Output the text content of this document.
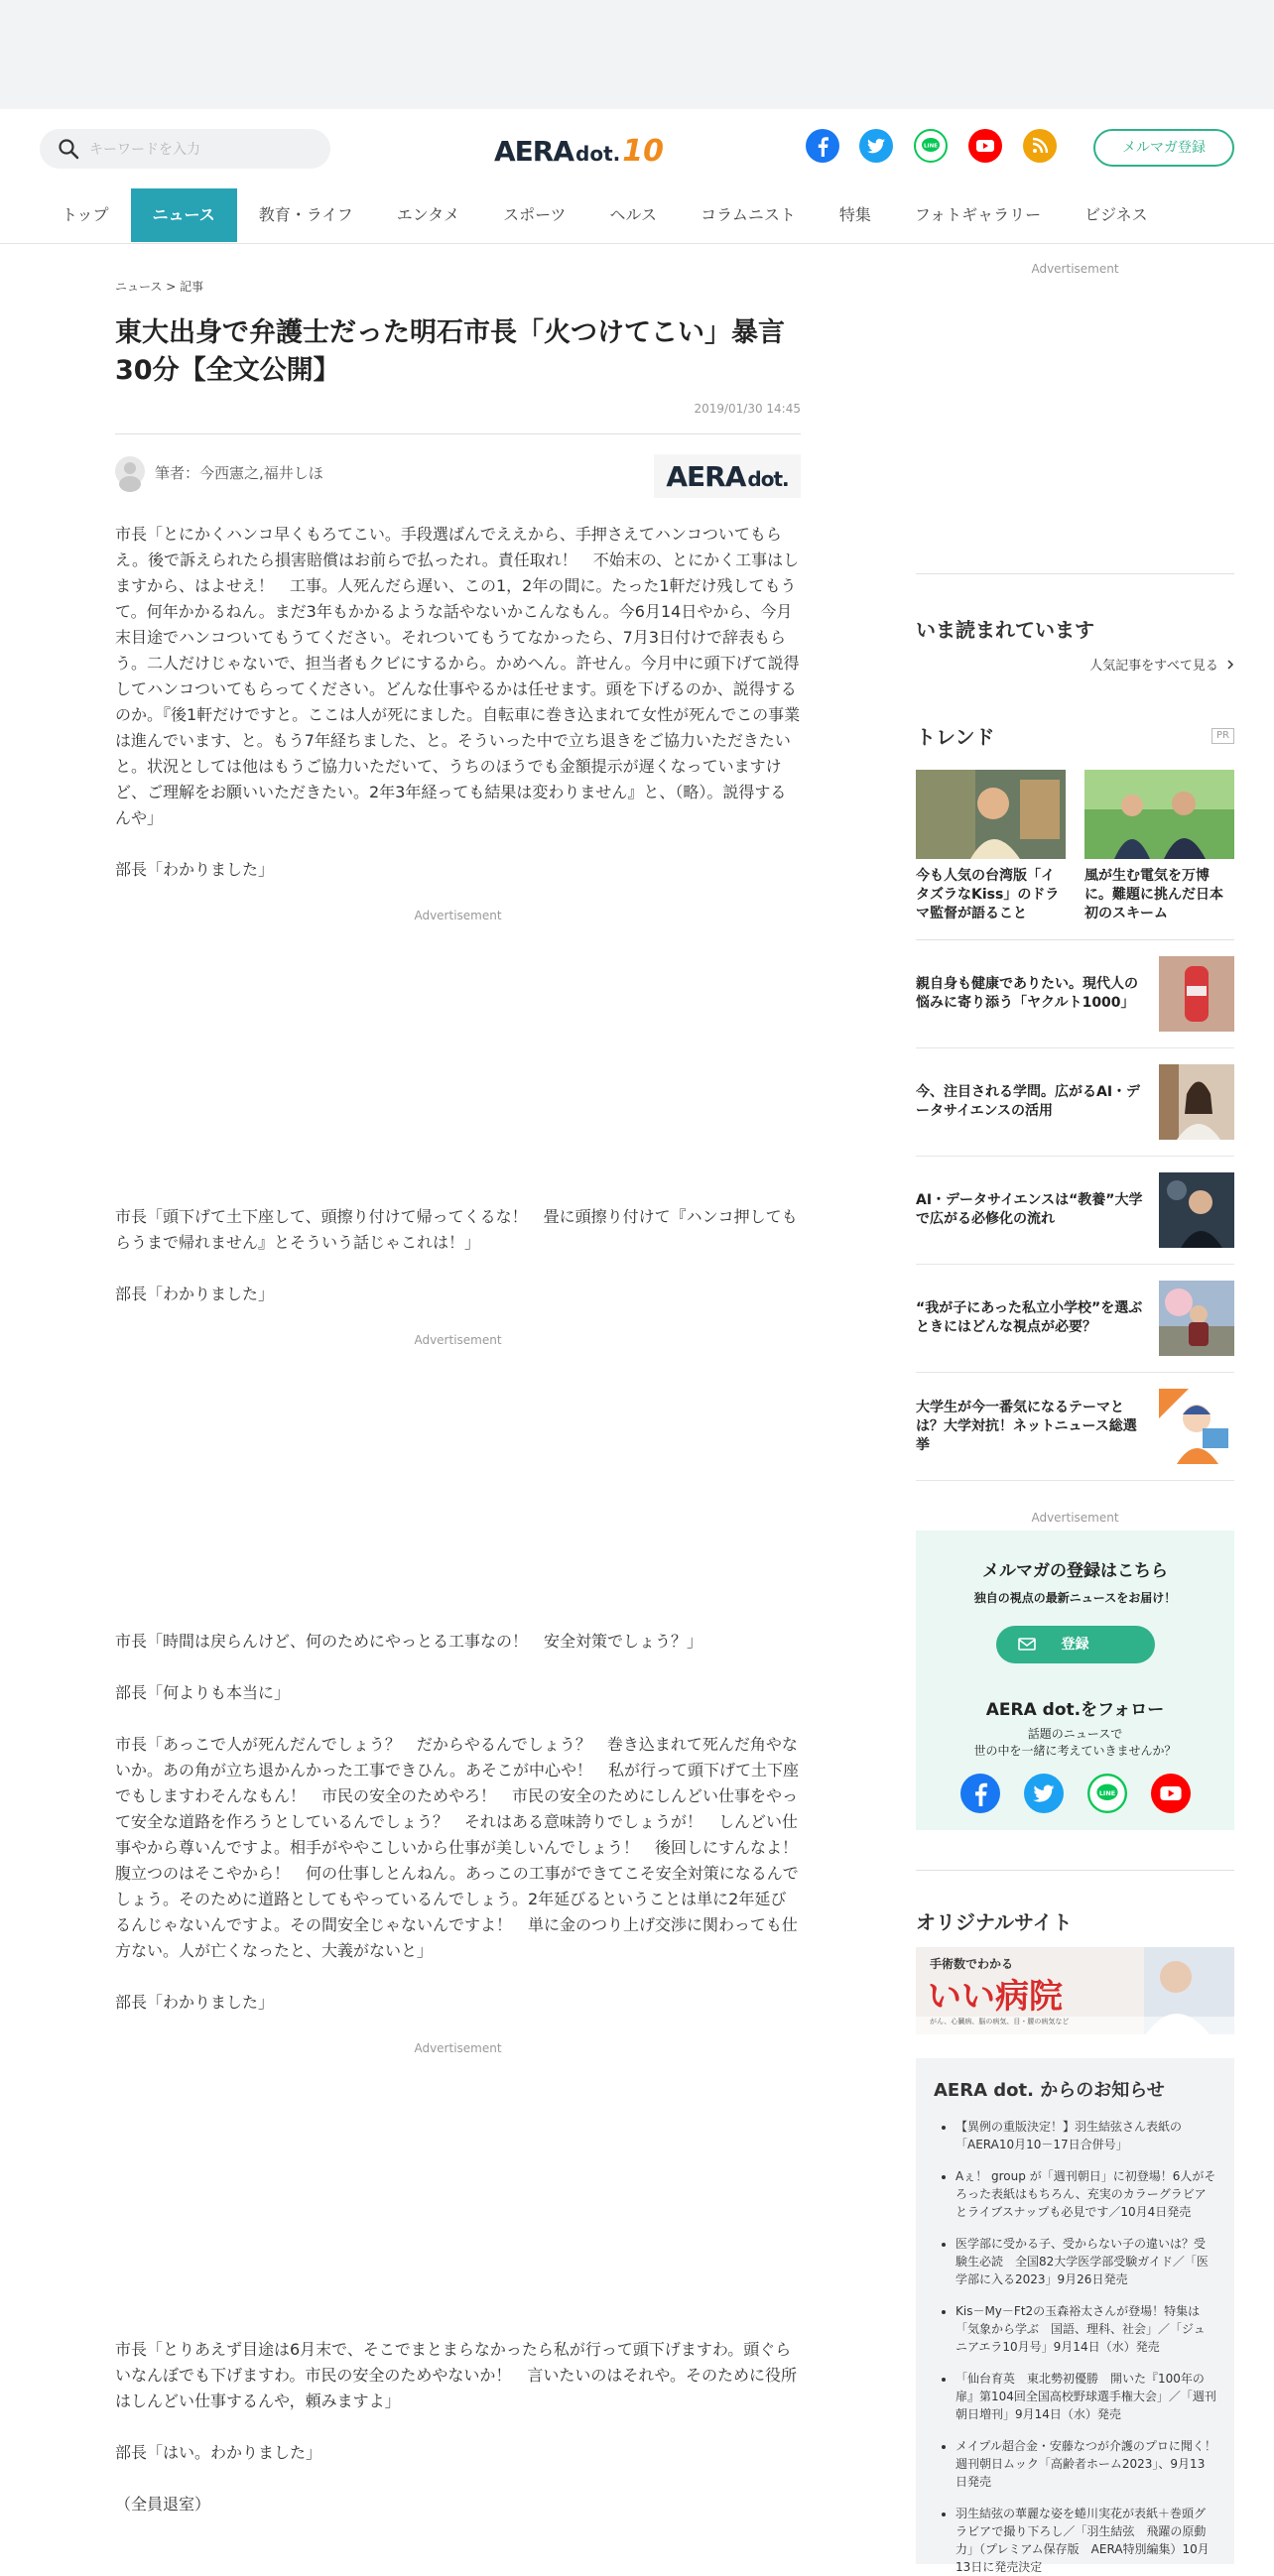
キーワードを入力	AERA dot. 10	LINE	メルマガ登録
トップ	ニュース	教育・ライフ	エンタメ	スポーツ	ヘルス	コラムニスト	特集	フォトギャラリー	ビジネス
ニュース > 記事
東大出身で弁護士だった明石市長「火つけてこい」暴言30分【全文公開】
2019/01/30 14:45
筆者：今西憲之,福井しほ	AERA dot.

市長「とにかくハンコ早くもろてこい。手段選ばんでええから、手押さえてハンコついてもらえ。後で訴えられたら損害賠償はお前らで払ったれ。責任取れ！　不始末の、とにかく工事はしますから、はよせえ！　工事。人死んだら遅い、この1，2年の間に。たった1軒だけ残してもうて。何年かかるねん。まだ3年もかかるような話やないかこんなもん。今6月14日やから、今月末目途でハンコついてもうてください。それついてもうてなかったら、7月3日付けで辞表もらう。二人だけじゃないで、担当者もクビにするから。かめへん。許せん。今月中に頭下げて説得してハンコついてもらってください。どんな仕事やるかは任せます。頭を下げるのか、説得するのか。『後1軒だけですと。ここは人が死にました。自転車に巻き込まれて女性が死んでこの事業は進んでいます、と。もう7年経ちました、と。そういった中で立ち退きをご協力いただきたいと。状況としては他はもうご協力いただいて、うちのほうでも金額提示が遅くなっていますけど、ご理解をお願いいただきたい。2年3年経っても結果は変わりません』と、（略）。説得するんや」

部長「わかりました」

Advertisement

市長「頭下げて土下座して、頭擦り付けて帰ってくるな！　畳に頭擦り付けて『ハンコ押してもらうまで帰れません』とそういう話じゃこれは！」

部長「わかりました」

Advertisement

市長「時間は戻らんけど、何のためにやっとる工事なの！　安全対策でしょう？」

部長「何よりも本当に」

市長「あっこで人が死んだんでしょう？　だからやるんでしょう？　巻き込まれて死んだ角やないか。あの角が立ち退かんかった工事できひん。あそこが中心や！　私が行って頭下げて土下座でもしますわそんなもん！　市民の安全のためやろ！　市民の安全のためにしんどい仕事をやって安全な道路を作ろうとしているんでしょう？　それはある意味誇りでしょうが！　しんどい仕事やから尊いんですよ。相手がややこしいから仕事が美しいんでしょう！　後回しにすんなよ！　腹立つのはそこやから！　何の仕事しとんねん。あっこの工事ができてこそ安全対策になるんでしょう。そのために道路としてもやっているんでしょう。2年延びるということは単に2年延びるんじゃないんですよ。その間安全じゃないんですよ！　単に金のつり上げ交渉に関わっても仕方ない。人が亡くなったと、大義がないと」

部長「わかりました」

Advertisement

市長「とりあえず目途は6月末で、そこでまとまらなかったら私が行って頭下げますわ。頭ぐらいなんぼでも下げますわ。市民の安全のためやないか！　言いたいのはそれや。そのために役所はしんどい仕事するんや，頼みますよ」

部長「はい。わかりました」

（全員退室）

Advertisement
いま読まれています
人気記事をすべて見る
トレンド	PR
今も人気の台湾版「イタズラなKiss」のドラマ監督が語ること
風が生む電気を万博に。難題に挑んだ日本初のスキーム
親自身も健康でありたい。現代人の悩みに寄り添う「ヤクルト1000」
今、注目される学問。広がるAI・データサイエンスの活用
AI・データサイエンスは“教養”大学で広がる必修化の流れ
“我が子にあった私立小学校”を選ぶときにはどんな視点が必要？
大学生が今一番気になるテーマとは？大学対抗！ネットニュース総選挙
Advertisement
メルマガの登録はこちら
独自の視点の最新ニュースをお届け！
登録
AERA dot.をフォロー
話題のニュースで
世の中を一緒に考えていきませんか？
LINE
オリジナルサイト
手術数でわかる
いい病院
がん、心臓病、脳の病気、目・腰の病気など
AERA dot. からのお知らせ
• 【異例の重版決定！】羽生結弦さん表紙の「AERA10月10－17日合併号」
• Aぇ！ group が「週刊朝日」に初登場！6人がそろった表紙はもちろん、充実のカラーグラビアとライブスナップも必見です／10月4日発売
• 医学部に受かる子、受からない子の違いは？受験生必読　全国82大学医学部受験ガイド／「医学部に入る2023」9月26日発売
• Kis－My－Ft2の玉森裕太さんが登場！特集は「気象から学ぶ　国語、理科、社会」／「ジュニアエラ10月号」9月14日（水）発売
• 「仙台育英　東北勢初優勝　開いた『100年の扉』第104回全国高校野球選手権大会」／「週刊朝日増刊」9月14日（水）発売
• メイプル超合金・安藤なつが介護のプロに聞く！ 週刊朝日ムック「高齢者ホーム2023」、9月13日発売
• 羽生結弦の華麗な姿を蜷川実花が表紙＋巻頭グラビアで撮り下ろし／「羽生結弦　飛躍の原動力」（プレミアム保存版　AERA特別編集）10月13日に発売決定
